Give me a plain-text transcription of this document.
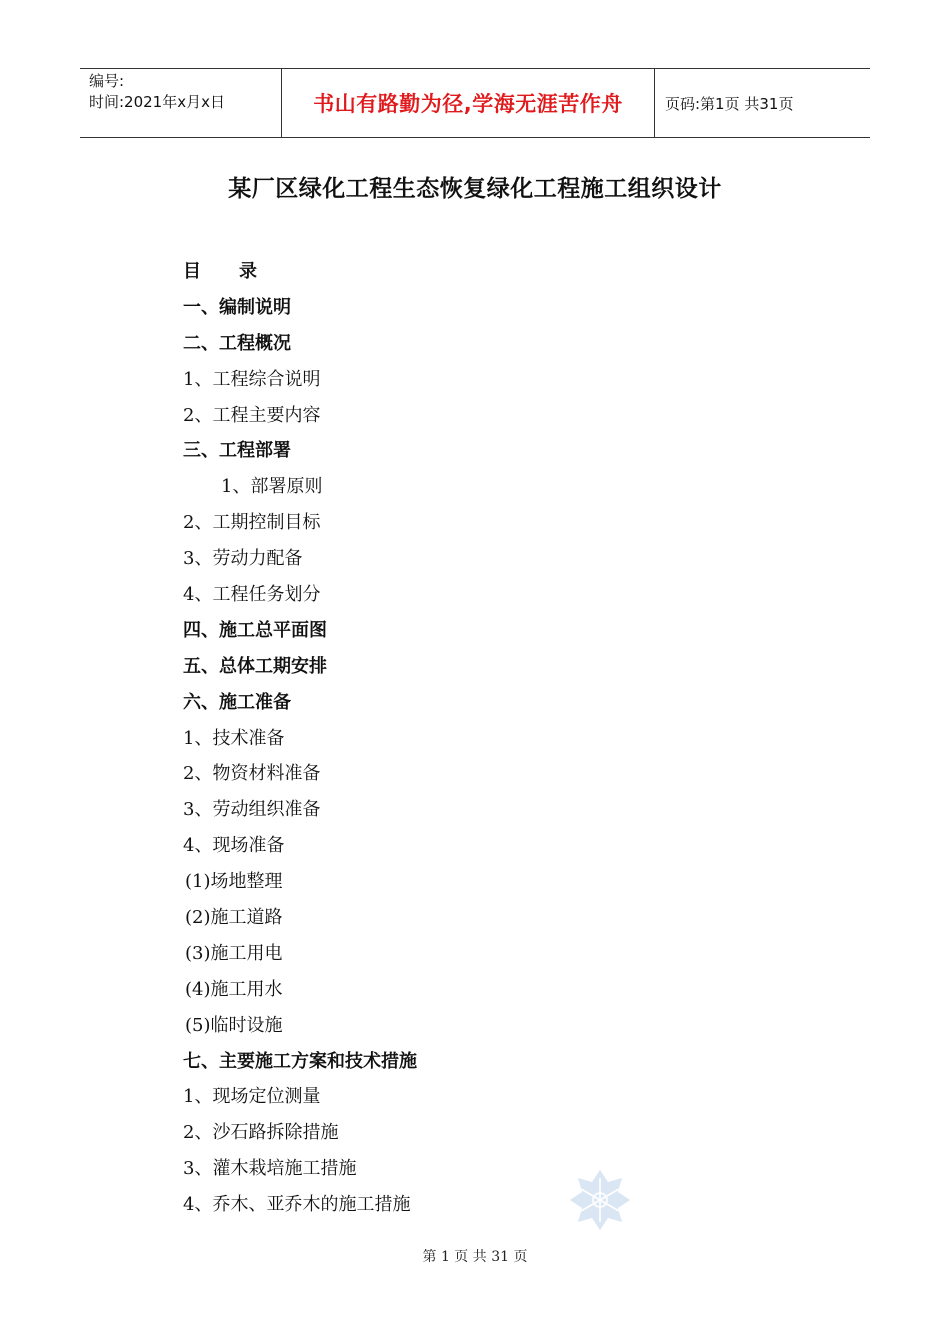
编号:
时间:2021年x月x日	书山有路勤为径,学海无涯苦作舟	页码:第1页 共31页
某厂区绿化工程生态恢复绿化工程施工组织设计
目 录
一、编制说明
二、工程概况
1、工程综合说明
2、工程主要内容
三、工程部署
1、部署原则
2、工期控制目标
3、劳动力配备
4、工程任务划分
四、施工总平面图
五、总体工期安排
六、施工准备
1、技术准备
2、物资材料准备
3、劳动组织准备
4、现场准备
(1)场地整理
(2)施工道路
(3)施工用电
(4)施工用水
(5)临时设施
七、主要施工方案和技术措施
1、现场定位测量
2、沙石路拆除措施
3、灌木栽培施工措施
4、乔木、亚乔木的施工措施
第 1 页 共 31 页
